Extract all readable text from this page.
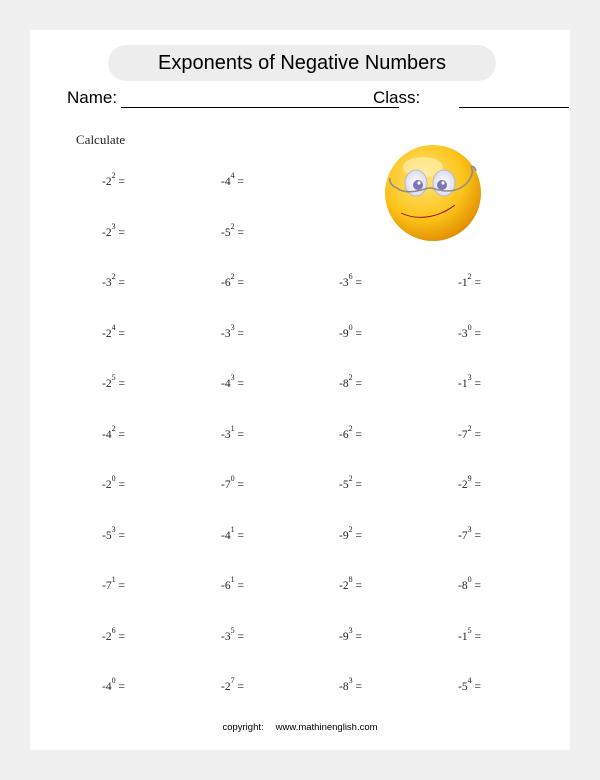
Exponents of Negative Numbers
Name:	Class:
Calculate
$-2^2$ =	$-4^4$ =
$-2^3$ =	$-5^2$ =
$-3^2$ =	$-6^2$ =	$-3^6$ =	$-1^2$ =
$-2^4$ =	$-3^3$ =	$-9^0$ =	$-3^0$ =
$-2^5$ =	$-4^3$ =	$-8^2$ =	$-1^3$ =
$-4^2$ =	$-3^1$ =	$-6^2$ =	$-7^2$ =
$-2^0$ =	$-7^0$ =	$-5^2$ =	$-2^9$ =
$-5^3$ =	$-4^1$ =	$-9^2$ =	$-7^3$ =
$-7^1$ =	$-6^1$ =	$-2^8$ =	$-8^0$ =
$-2^6$ =	$-3^5$ =	$-9^3$ =	$-1^5$ =
$-4^0$ =	$-2^7$ =	$-8^3$ =	$-5^4$ =
copyright: www.mathinenglish.com
